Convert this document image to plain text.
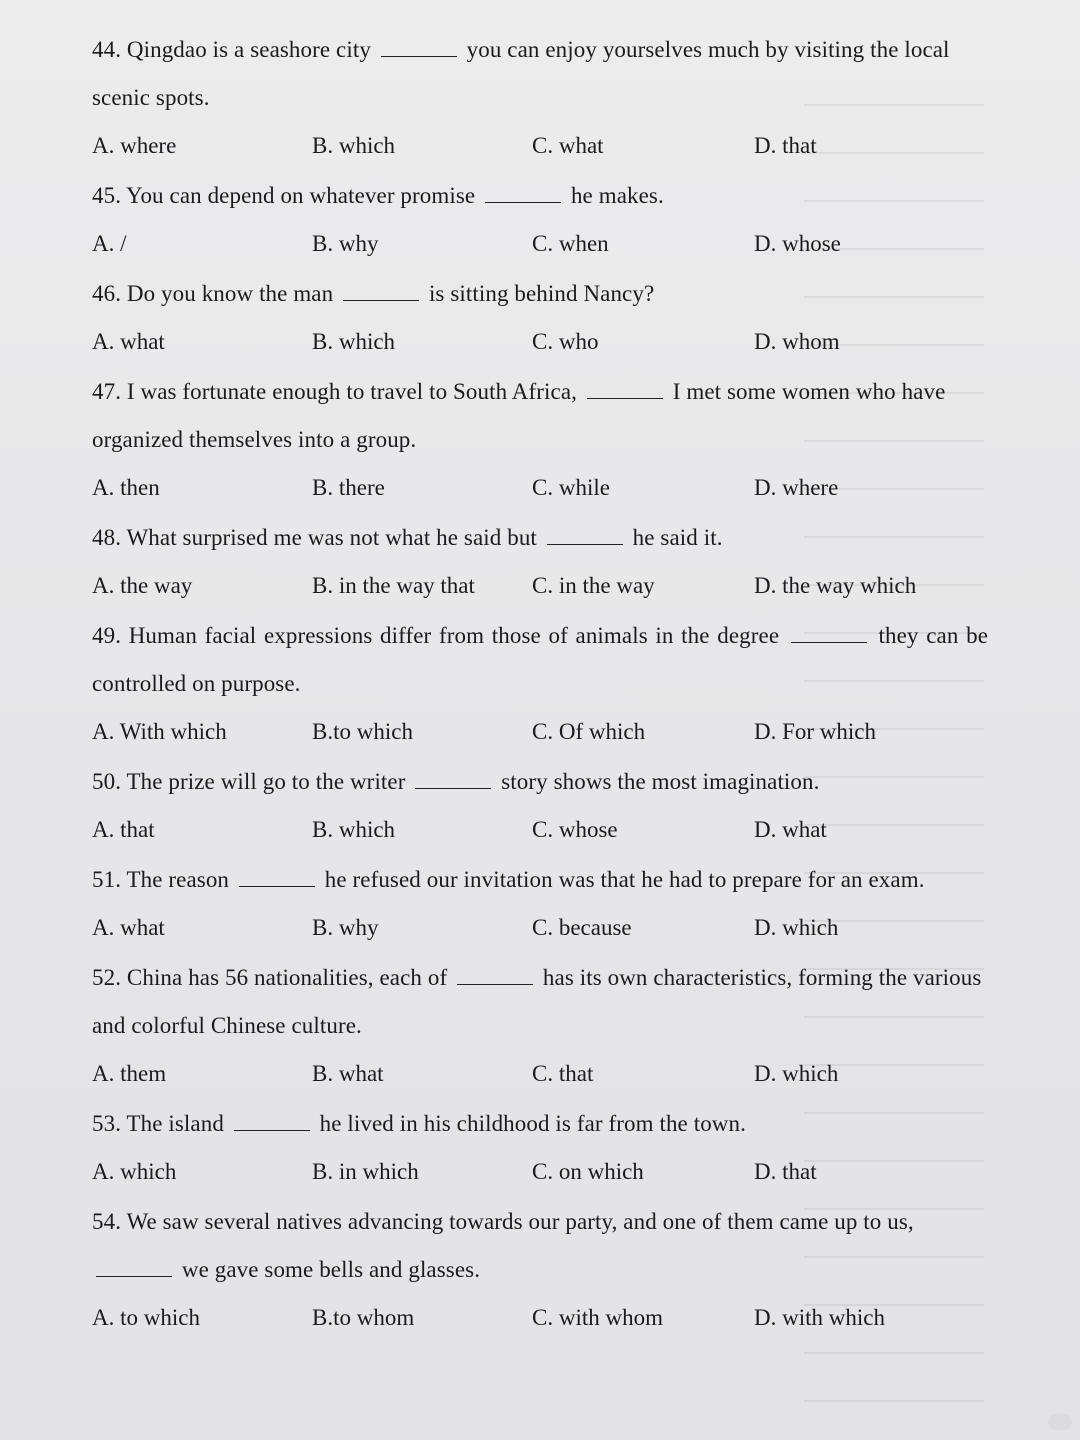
44. Qingdao is a seashore city	you can enjoy yourselves much by visiting the local scenic spots.
A. where	B. which	C. what	D. that
45. You can depend on whatever promise	he makes.
A. /	B. why	C. when	D. whose
46. Do you know the man	is sitting behind Nancy?
A. what	B. which	C. who	D. whom
47. I was fortunate enough to travel to South Africa,	I met some women who have organized themselves into a group.
A. then	B. there	C. while	D. where
48. What surprised me was not what he said but	he said it.
A. the way	B. in the way that	C. in the way	D. the way which
49. Human facial expressions differ from those of animals in the degree	they can be controlled on purpose.
A. With which	B.to which	C. Of which	D. For which
50. The prize will go to the writer	story shows the most imagination.
A. that	B. which	C. whose	D. what
51. The reason	he refused our invitation was that he had to prepare for an exam.
A. what	B. why	C. because	D. which
52. China has 56 nationalities, each of	has its own characteristics, forming the various and colorful Chinese culture.
A. them	B. what	C. that	D. which
53. The island	he lived in his childhood is far from the town.
A. which	B. in which	C. on which	D. that
54. We saw several natives advancing towards our party, and one of them came up to us,  we gave some bells and glasses.
A. to which	B.to whom	C. with whom	D. with which
